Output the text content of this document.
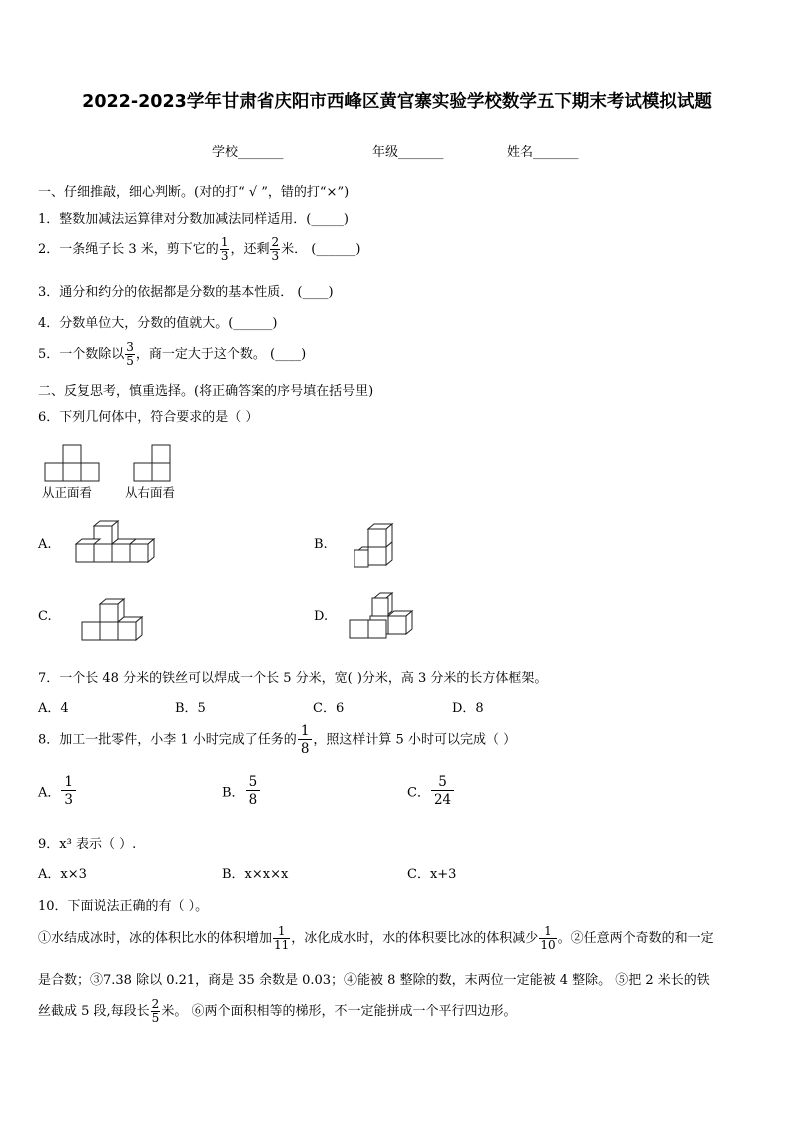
2022-2023学年甘肃省庆阳市西峰区黄官寨实验学校数学五下期末考试模拟试题
学校_______	年级_______	姓名_______
一、仔细推敲，细心判断。(对的打“ √ ”，错的打“×”)
1．整数加减法运算律对分数加减法同样适用．(_____)
2．一条绳子长 3 米，剪下它的 $\frac{1}{3}$ ，还剩 $\frac{2}{3}$ 米． (______)
3．通分和约分的依据都是分数的基本性质． (____)
4．分数单位大，分数的值就大。(______)
5．一个数除以 $\frac{3}{5}$ ，商一定大于这个数。 (____)
二、反复思考，慎重选择。(将正确答案的序号填在括号里)
6．下列几何体中，符合要求的是（ ）
从正面看	从右面看
A.	B.
C.	D.
7．一个长 48 分米的铁丝可以焊成一个长 5 分米，宽( )分米，高 3 分米的长方体框架。
A．4	B．5	C．6	D．8
8．加工一批零件，小李 1 小时完成了任务的 $\frac{1}{8}$ ，照这样计算 5 小时可以完成（ ）
A． $\frac{1}{3}$	B． $\frac{5}{8}$	C． $\frac{5}{24}$
9．x³ 表示（ ）.
A．x×3	B．x×x×x	C．x+3
10．下面说法正确的有（ ）。
①水结成冰时，冰的体积比水的体积增加 $\frac{1}{11}$ ，冰化成水时，水的体积要比冰的体积减少 $\frac{1}{10}$ 。②任意两个奇数的和一定
是合数；③7.38 除以 0.21，商是 35 余数是 0.03；④能被 8 整除的数，末两位一定能被 4 整除。 ⑤把 2 米长的铁
丝截成 5 段,每段长 $\frac{2}{5}$ 米。 ⑥两个面积相等的梯形，不一定能拼成一个平行四边形。
